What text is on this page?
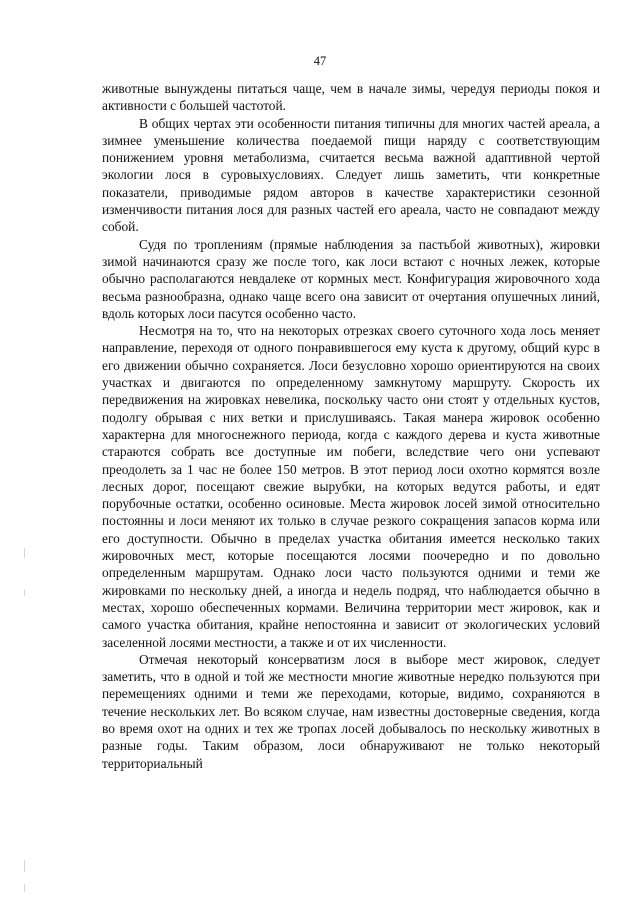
47

животные вынуждены питаться чаще, чем в начале зимы, чередуя периоды покоя и активности с большей частотой.

В общих чертах эти особенности питания типичны для многих частей ареала, а зимнее уменьшение количества поедаемой пищи наряду с соответствующим понижением уровня метаболизма, считается весьма важной адаптивной чертой экологии лося в суровыхусловиях. Следует лишь заметить, чти конкретные показатели, приводимые рядом авторов в качестве характеристики сезонной изменчивости питания лося для разных частей его ареала, часто не совпадают между собой.

Судя по троплениям (прямые наблюдения за пастьбой животных), жировки зимой начинаются сразу же после того, как лоси встают с ночных лежек, которые обычно располагаются невдалеке от кормных мест. Конфигурация жировочного хода весьма разнообразна, однако чаще всего она зависит от очертания опушечных линий, вдоль которых лоси пасутся особенно часто.

Несмотря на то, что на некоторых отрезках своего суточного хода лось меняет направление, переходя от одного понравившегося ему куста к другому, общий курс в его движении обычно сохраняется. Лоси безусловно хорошо ориентируются на своих участках и двигаются по определенному замкнутому маршруту. Скорость их передвижения на жировках невелика, поскольку часто они стоят у отдельных кустов, подолгу обрывая с них ветки и прислушиваясь. Такая манера жировок особенно характерна для многоснежного периода, когда с каждого дерева и куста животные стараются собрать все доступные им побеги, вследствие чего они успевают преодолеть за 1 час не более 150 метров. В этот период лоси охотно кормятся возле лесных дорог, посещают свежие вырубки, на которых ведутся работы, и едят порубочные остатки, особенно осиновые. Места жировок лосей зимой относительно постоянны и лоси меняют их только в случае резкого сокращения запасов корма или его доступности. Обычно в пределах участка обитания имеется несколько таких жировочных мест, которые посещаются лосями поочередно и по довольно определенным маршрутам. Однако лоси часто пользуются одними и теми же жировками по нескольку дней, а иногда и недель подряд, что наблюдается обычно в местах, хорошо обеспеченных кормами. Величина территории мест жировок, как и самого участка обитания, крайне непостоянна и зависит от экологических условий заселенной лосями местности, а также и от их численности.

Отмечая некоторый консерватизм лося в выборе мест жировок, следует заметить, что в одной и той же местности многие животные нередко пользуются при перемещениях одними и теми же переходами, которые, видимо, сохраняются в течение нескольких лет. Во всяком случае, нам известны достоверные сведения, когда во время охот на одних и тех же тропах лосей добывалось по нескольку животных в разные годы. Таким образом, лоси обнаруживают не только некоторый территориальный
